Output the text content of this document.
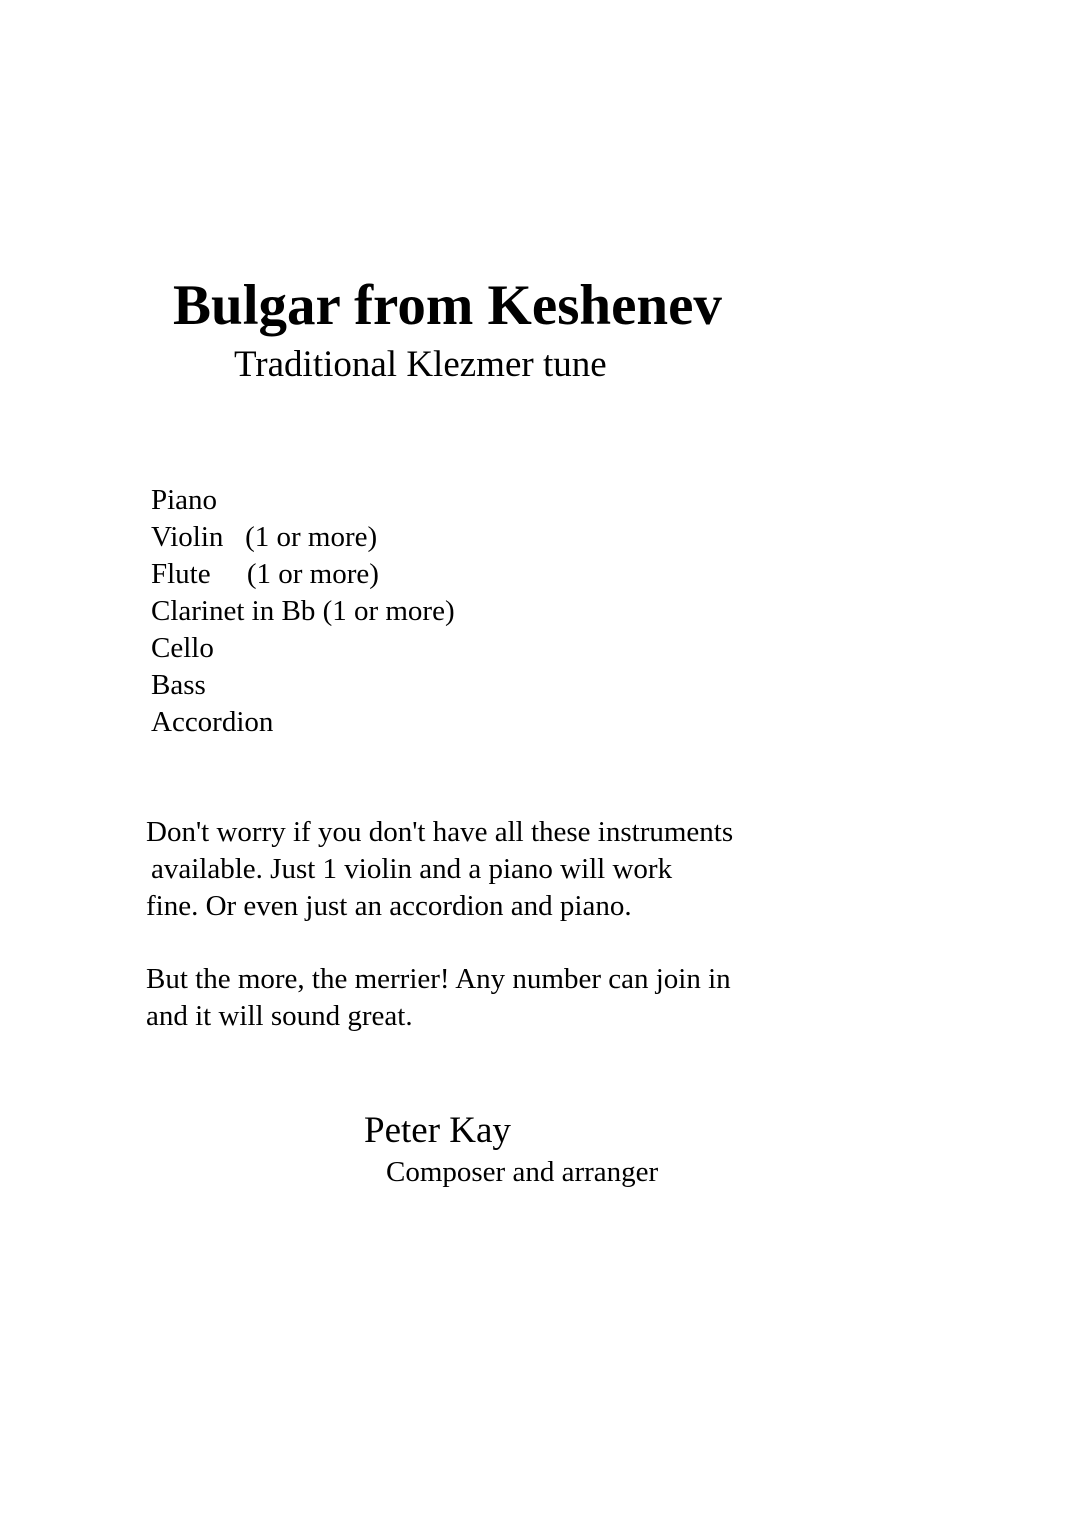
Bulgar from Keshenev
Traditional Klezmer tune
Piano
Violin   (1 or more)
Flute     (1 or more)
Clarinet in Bb (1 or more)
Cello
Bass
Accordion

Don't worry if you don't have all these instruments

available. Just 1 violin and a piano will work

fine. Or even just an accordion and piano.

But the more, the merrier! Any number can join in

and it will sound great.

Peter Kay
Composer and arranger
